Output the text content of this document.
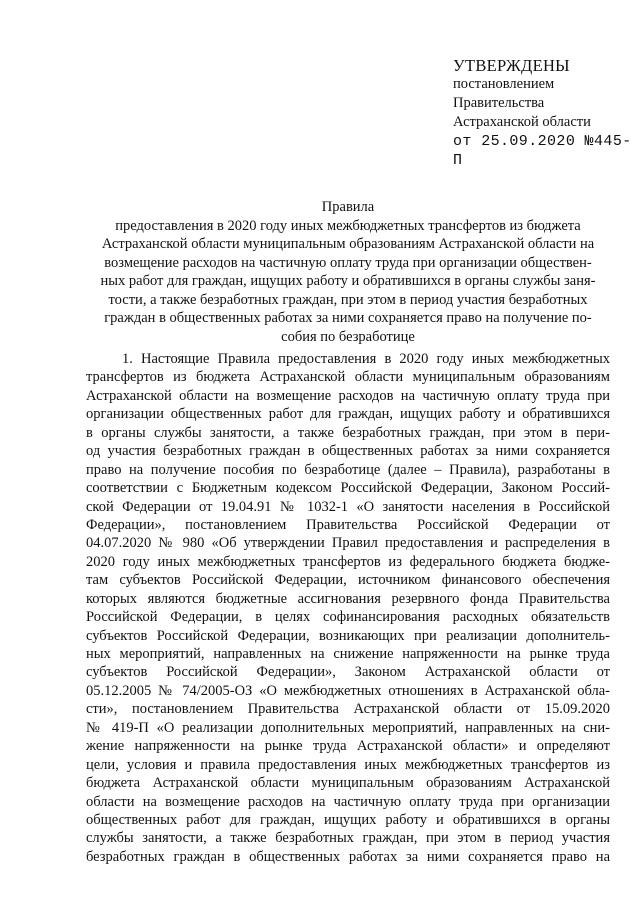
УТВЕРЖДЕНЫ
постановлением
Правительства
Астраханской области
от 25.09.2020 №445-П
Правила
предоставления в 2020 году иных межбюджетных трансфертов из бюджета
Астраханской области муниципальным образованиям Астраханской области на
возмещение расходов на частичную оплату труда при организации обществен-
ных работ для граждан, ищущих работу и обратившихся в органы службы заня-
тости, а также безработных граждан, при этом в период участия безработных
граждан в общественных работах за ними сохраняется право на получение по-
собия по безработице
1. Настоящие Правила предоставления в 2020 году иных межбюджетных
трансфертов из бюджета Астраханской области муниципальным образованиям
Астраханской области на возмещение расходов на частичную оплату труда при
организации общественных работ для граждан, ищущих работу и обратившихся
в органы службы занятости, а также безработных граждан, при этом в пери-
од участия безработных граждан в общественных работах за ними сохраняется
право на получение пособия по безработице (далее – Правила), разработаны в
соответствии с Бюджетным кодексом Российской Федерации, Законом Россий-
ской Федерации от 19.04.91 № 1032-1 «О занятости населения в Российской
Федерации», постановлением Правительства Российской Федерации от
04.07.2020 № 980 «Об утверждении Правил предоставления и распределения в
2020 году иных межбюджетных трансфертов из федерального бюджета бюдже-
там субъектов Российской Федерации, источником финансового обеспечения
которых являются бюджетные ассигнования резервного фонда Правительства
Российской Федерации, в целях софинансирования расходных обязательств
субъектов Российской Федерации, возникающих при реализации дополнитель-
ных мероприятий, направленных на снижение напряженности на рынке труда
субъектов Российской Федерации», Законом Астраханской области от
05.12.2005 № 74/2005-ОЗ «О межбюджетных отношениях в Астраханской обла-
сти», постановлением Правительства Астраханской области от 15.09.2020
№ 419-П «О реализации дополнительных мероприятий, направленных на сни-
жение напряженности на рынке труда Астраханской области» и определяют
цели, условия и правила предоставления иных межбюджетных трансфертов из
бюджета Астраханской области муниципальным образованиям Астраханской
области на возмещение расходов на частичную оплату труда при организации
общественных работ для граждан, ищущих работу и обратившихся в органы
службы занятости, а также безработных граждан, при этом в период участия
безработных граждан в общественных работах за ними сохраняется право на
